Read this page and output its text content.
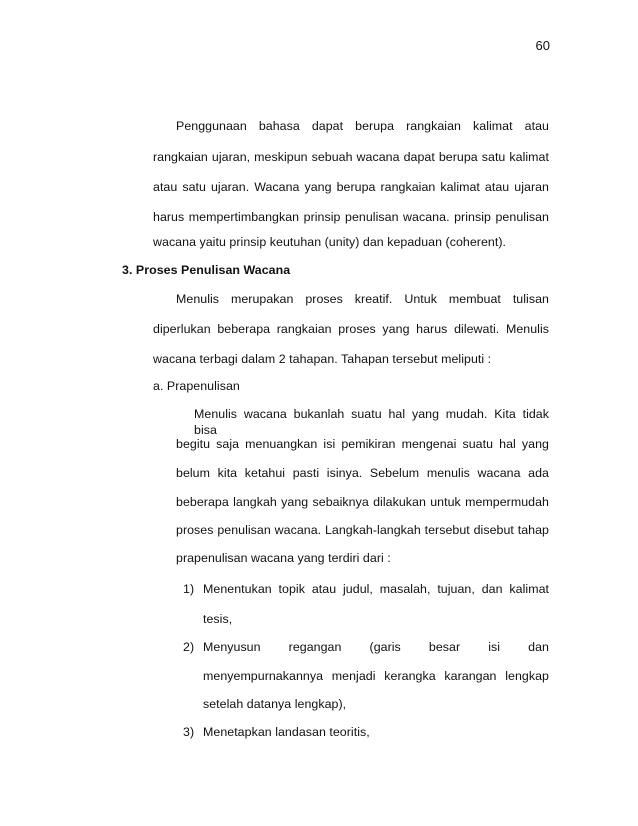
60
Penggunaan bahasa dapat berupa rangkaian kalimat atau
rangkaian ujaran, meskipun sebuah wacana dapat berupa satu kalimat
atau satu ujaran. Wacana yang berupa rangkaian kalimat atau ujaran
harus mempertimbangkan prinsip penulisan wacana. prinsip penulisan
wacana yaitu prinsip keutuhan (unity) dan kepaduan (coherent).
3. Proses Penulisan Wacana
Menulis merupakan proses kreatif. Untuk membuat tulisan
diperlukan beberapa rangkaian proses yang harus dilewati. Menulis
wacana terbagi dalam 2 tahapan. Tahapan tersebut meliputi :
a. Prapenulisan
Menulis wacana bukanlah suatu hal yang mudah. Kita tidak bisa
begitu saja menuangkan isi pemikiran mengenai suatu hal yang
belum kita ketahui pasti isinya. Sebelum menulis wacana ada
beberapa langkah yang sebaiknya dilakukan untuk mempermudah
proses penulisan wacana. Langkah-langkah tersebut disebut tahap
prapenulisan wacana yang terdiri dari :
1) Menentukan topik atau judul, masalah, tujuan, dan kalimat
tesis,
2) Menyusun regangan (garis besar isi dan
menyempurnakannya menjadi kerangka karangan lengkap
setelah datanya lengkap),
3) Menetapkan landasan teoritis,
